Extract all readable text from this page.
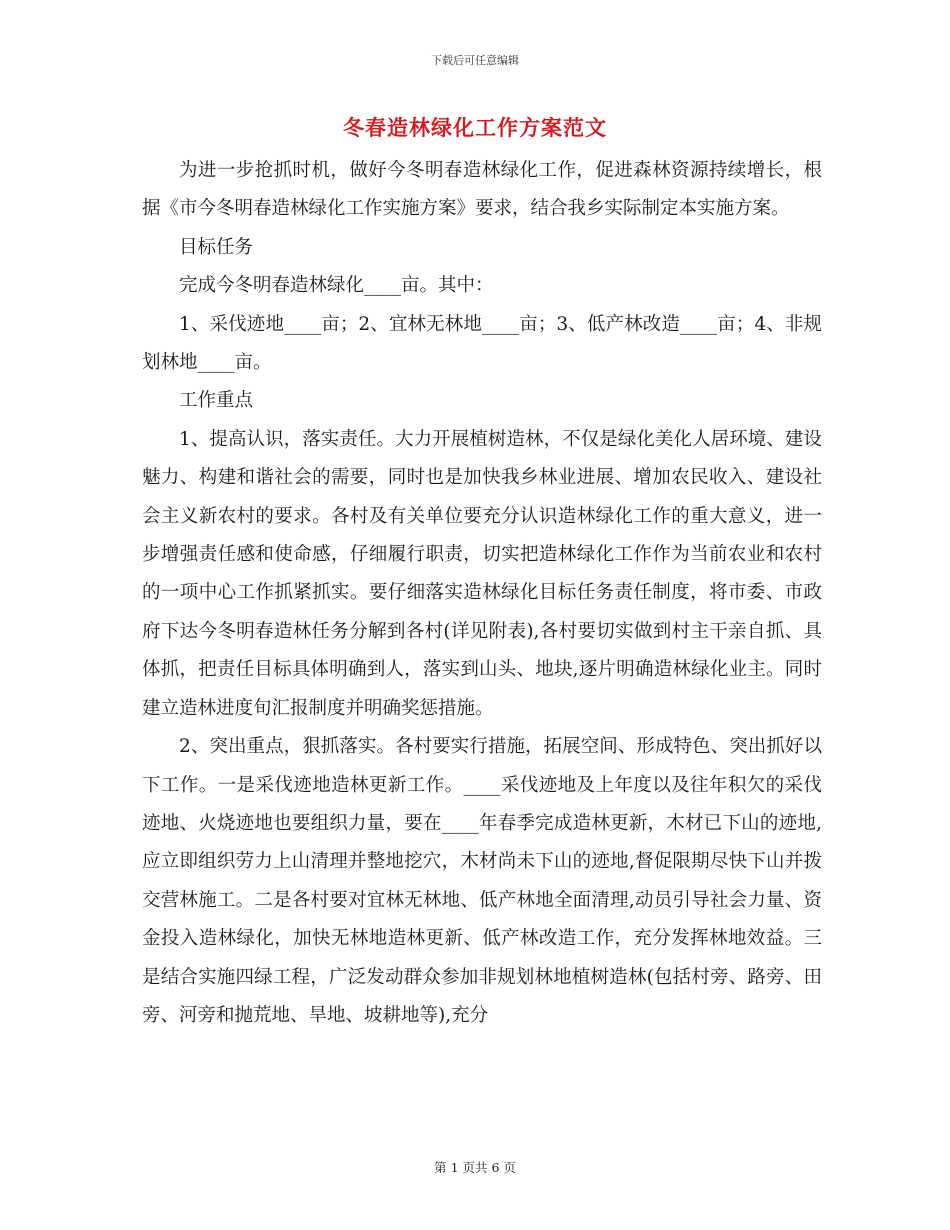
下载后可任意编辑
冬春造林绿化工作方案范文

为进一步抢抓时机，做好今冬明春造林绿化工作，促进森林资源持续增长，根据《市今冬明春造林绿化工作实施方案》要求，结合我乡实际制定本实施方案。

目标任务

完成今冬明春造林绿化____亩。其中：

1、采伐迹地____亩；2、宜林无林地____亩；3、低产林改造____亩；4、非规划林地____亩。

工作重点

1、提高认识，落实责任。大力开展植树造林，不仅是绿化美化人居环境、建设魅力、构建和谐社会的需要，同时也是加快我乡林业进展、增加农民收入、建设社会主义新农村的要求。各村及有关单位要充分认识造林绿化工作的重大意义，进一步增强责任感和使命感，仔细履行职责，切实把造林绿化工作作为当前农业和农村的一项中心工作抓紧抓实。要仔细落实造林绿化目标任务责任制度，将市委、市政府下达今冬明春造林任务分解到各村(详见附表),各村要切实做到村主干亲自抓、具体抓，把责任目标具体明确到人，落实到山头、地块,逐片明确造林绿化业主。同时建立造林进度旬汇报制度并明确奖惩措施。

2、突出重点，狠抓落实。各村要实行措施，拓展空间、形成特色、突出抓好以下工作。一是采伐迹地造林更新工作。____采伐迹地及上年度以及往年积欠的采伐迹地、火烧迹地也要组织力量，要在____年春季完成造林更新，木材已下山的迹地,应立即组织劳力上山清理并整地挖穴，木材尚未下山的迹地,督促限期尽快下山并拨交营林施工。二是各村要对宜林无林地、低产林地全面清理,动员引导社会力量、资金投入造林绿化，加快无林地造林更新、低产林改造工作，充分发挥林地效益。三是结合实施四绿工程，广泛发动群众参加非规划林地植树造林(包括村旁、路旁、田旁、河旁和抛荒地、旱地、坡耕地等),充分

第 1 页共 6 页
